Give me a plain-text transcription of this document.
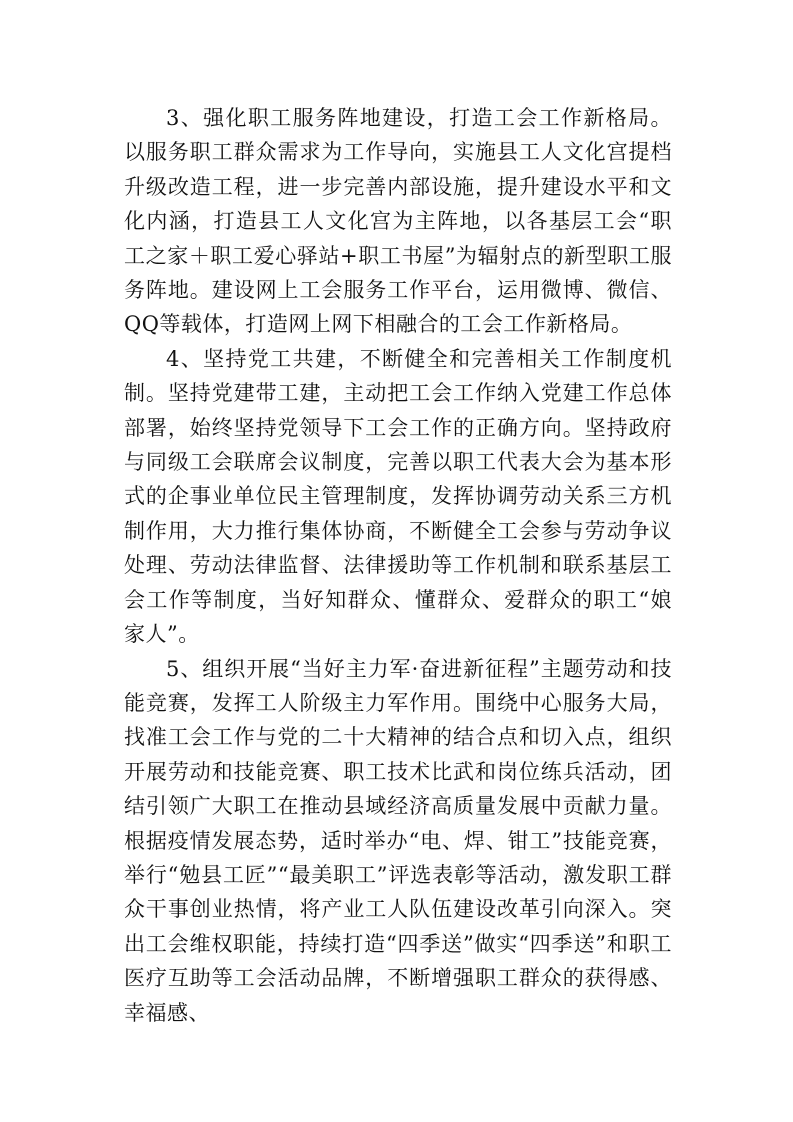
3、强化职工服务阵地建设，打造工会工作新格局。以服务职工群众需求为工作导向，实施县工人文化宫提档升级改造工程，进一步完善内部设施，提升建设水平和文化内涵，打造县工人文化宫为主阵地，以各基层工会“职工之家＋职工爱心驿站+职工书屋”为辐射点的新型职工服务阵地。建设网上工会服务工作平台，运用微博、微信、QQ等载体，打造网上网下相融合的工会工作新格局。

4、坚持党工共建，不断健全和完善相关工作制度机制。坚持党建带工建，主动把工会工作纳入党建工作总体部署，始终坚持党领导下工会工作的正确方向。坚持政府与同级工会联席会议制度，完善以职工代表大会为基本形式的企事业单位民主管理制度，发挥协调劳动关系三方机制作用，大力推行集体协商，不断健全工会参与劳动争议处理、劳动法律监督、法律援助等工作机制和联系基层工会工作等制度，当好知群众、懂群众、爱群众的职工“娘家人”。

5、组织开展“当好主力军·奋进新征程”主题劳动和技能竞赛，发挥工人阶级主力军作用。围绕中心服务大局，找准工会工作与党的二十大精神的结合点和切入点，组织开展劳动和技能竞赛、职工技术比武和岗位练兵活动，团结引领广大职工在推动县域经济高质量发展中贡献力量。根据疫情发展态势，适时举办“电、焊、钳工”技能竞赛，举行“勉县工匠”“最美职工”评选表彰等活动，激发职工群众干事创业热情，将产业工人队伍建设改革引向深入。突出工会维权职能，持续打造“四季送”做实“四季送”和职工医疗互助等工会活动品牌，不断增强职工群众的获得感、幸福感、
